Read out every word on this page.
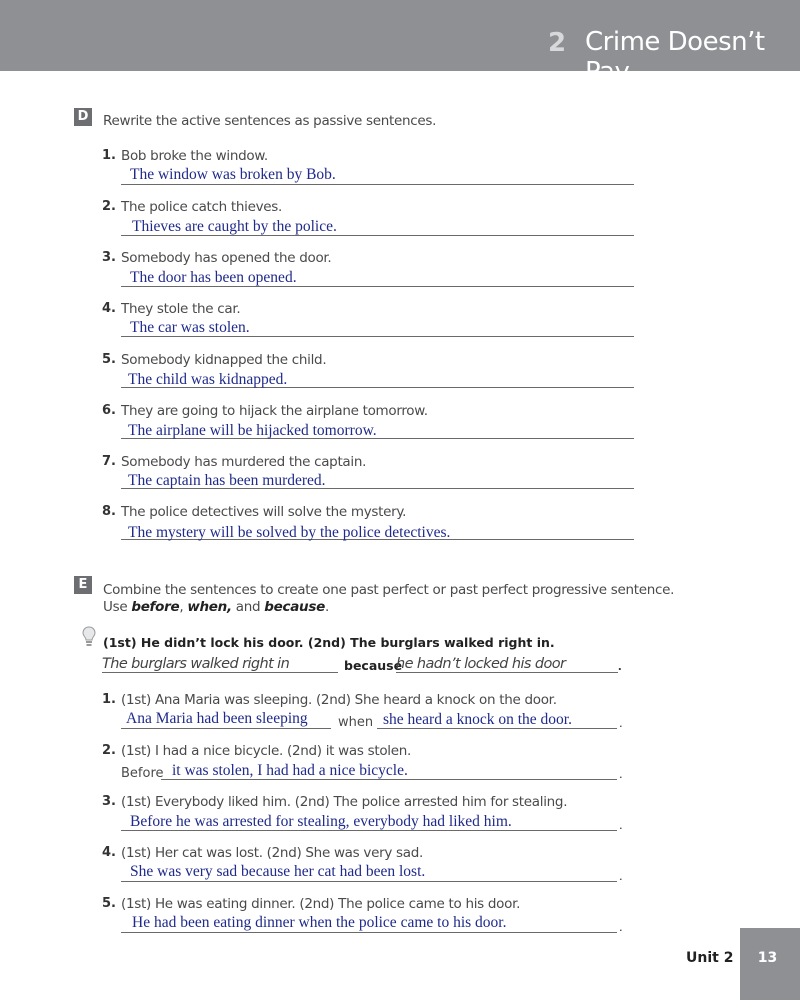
2 Crime Doesn’t Pay
D Rewrite the active sentences as passive sentences.
1. Bob broke the window.
The window was broken by Bob.
2. The police catch thieves.
Thieves are caught by the police.
3. Somebody has opened the door.
The door has been opened.
4. They stole the car.
The car was stolen.
5. Somebody kidnapped the child.
The child was kidnapped.
6. They are going to hijack the airplane tomorrow.
The airplane will be hijacked tomorrow.
7. Somebody has murdered the captain.
The captain has been murdered.
8. The police detectives will solve the mystery.
The mystery will be solved by the police detectives.
E	Combine the sentences to create one past perfect or past perfect progressive sentence.
Use before, when, and because.
(1st) He didn’t lock his door. (2nd) The burglars walked right in.
The burglars walked right in	because
he hadn’t locked his door	.
1. (1st) Ana Maria was sleeping. (2nd) She heard a knock on the door.
Ana Maria had been sleeping when she heard a knock on the door.	.
2. (1st) I had a nice bicycle. (2nd) it was stolen.
Before it was stolen, I had had a nice bicycle.	.
3. (1st) Everybody liked him. (2nd) The police arrested him for stealing.
Before he was arrested for stealing, everybody had liked him.	.
4. (1st) Her cat was lost. (2nd) She was very sad.
She was very sad because her cat had been lost.	.
5. (1st) He was eating dinner. (2nd) The police came to his door.
He had been eating dinner when the police came to his door.	.
Unit 2	13
